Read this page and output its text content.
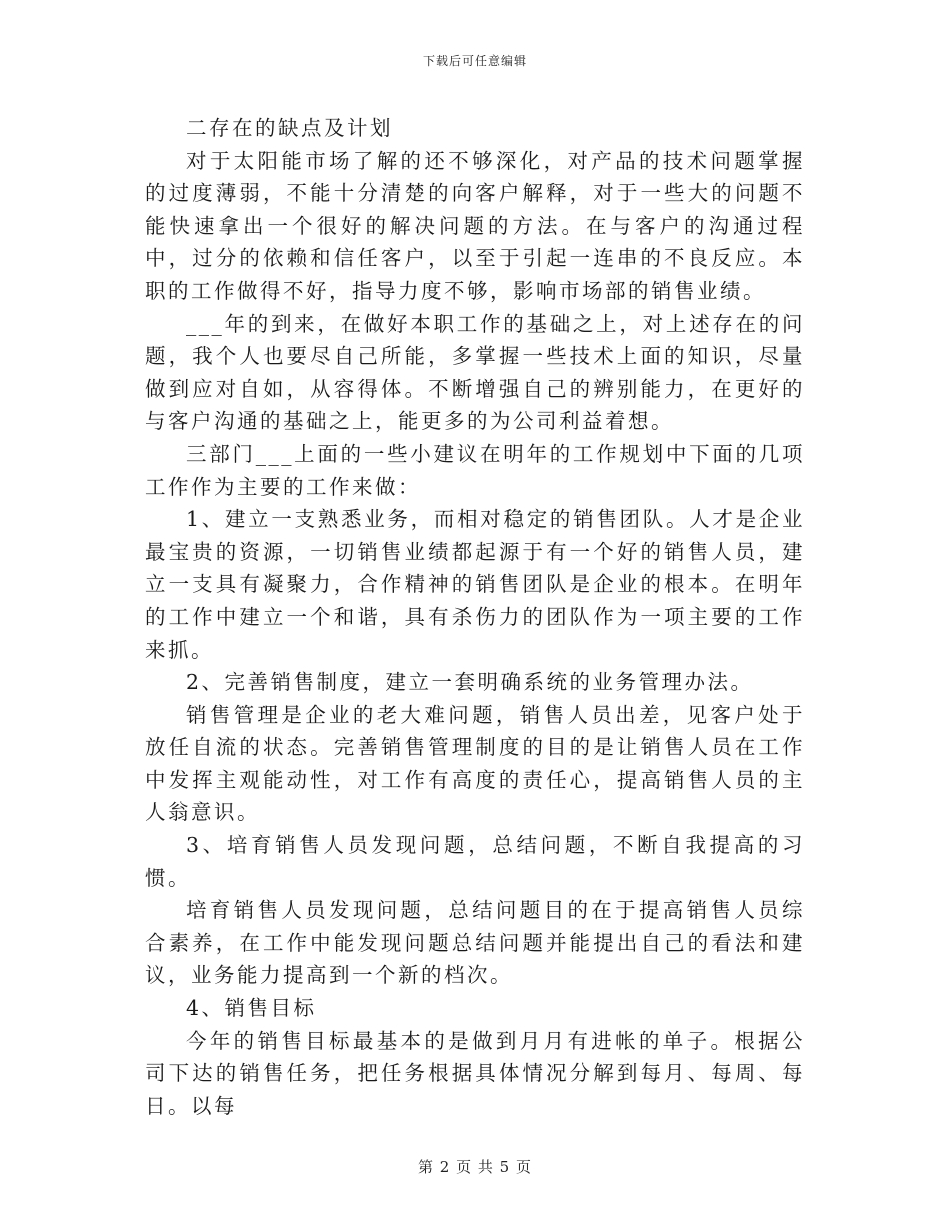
下载后可任意编辑

二存在的缺点及计划

对于太阳能市场了解的还不够深化，对产品的技术问题掌握的过度薄弱，不能十分清楚的向客户解释，对于一些大的问题不能快速拿出一个很好的解决问题的方法。在与客户的沟通过程中，过分的依赖和信任客户，以至于引起一连串的不良反应。本职的工作做得不好，指导力度不够，影响市场部的销售业绩。

___年的到来，在做好本职工作的基础之上，对上述存在的问题，我个人也要尽自己所能，多掌握一些技术上面的知识，尽量做到应对自如，从容得体。不断增强自己的辨别能力，在更好的与客户沟通的基础之上，能更多的为公司利益着想。

三部门___上面的一些小建议在明年的工作规划中下面的几项工作作为主要的工作来做：

1、建立一支熟悉业务，而相对稳定的销售团队。人才是企业最宝贵的资源，一切销售业绩都起源于有一个好的销售人员，建立一支具有凝聚力，合作精神的销售团队是企业的根本。在明年的工作中建立一个和谐，具有杀伤力的团队作为一项主要的工作来抓。

2、完善销售制度，建立一套明确系统的业务管理办法。

销售管理是企业的老大难问题，销售人员出差，见客户处于放任自流的状态。完善销售管理制度的目的是让销售人员在工作中发挥主观能动性，对工作有高度的责任心，提高销售人员的主人翁意识。

3、培育销售人员发现问题，总结问题，不断自我提高的习惯。

培育销售人员发现问题，总结问题目的在于提高销售人员综合素养，在工作中能发现问题总结问题并能提出自己的看法和建议，业务能力提高到一个新的档次。

4、销售目标

今年的销售目标最基本的是做到月月有进帐的单子。根据公司下达的销售任务，把任务根据具体情况分解到每月、每周、每日。以每

第 2 页 共 5 页
